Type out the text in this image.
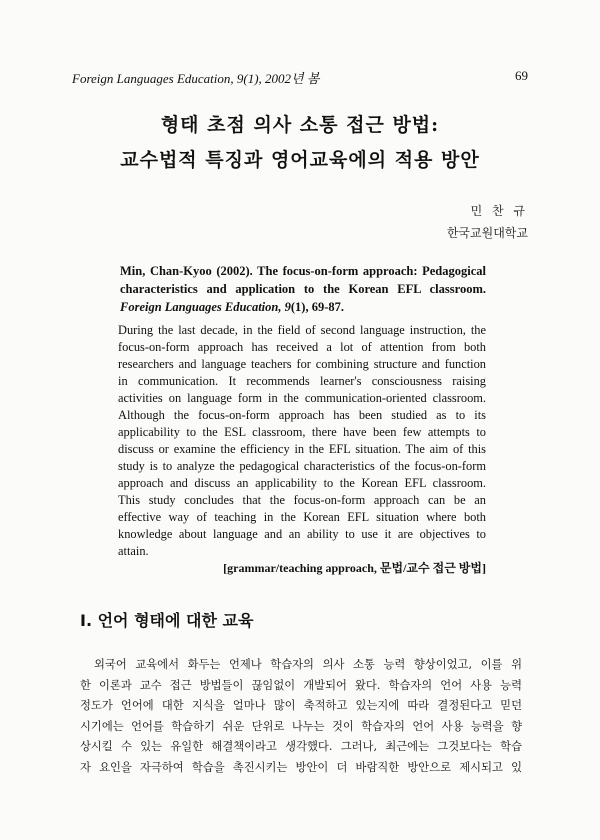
Foreign Languages Education, 9(1), 2002년 봄	69
형태 초점 의사 소통 접근 방법:
교수법적 특징과 영어교육에의 적용 방안
민 찬 규
한국교원대학교
Min, Chan-Kyoo (2002). The focus-on-form approach: Pedagogical characteristics and application to the Korean EFL classroom. Foreign Languages Education, 9(1), 69-87.
During the last decade, in the field of second language instruction, the
focus-on-form approach has received a lot of attention from both
researchers and language teachers for combining structure and function
in communication. It recommends learner's consciousness raising
activities on language form in the communication-oriented classroom.
Although the focus-on-form approach has been studied as to its
applicability to the ESL classroom, there have been few attempts to
discuss or examine the efficiency in the EFL situation. The aim of this
study is to analyze the pedagogical characteristics of the focus-on-form
approach and discuss an applicability to the Korean EFL classroom.
This study concludes that the focus-on-form approach can be an
effective way of teaching in the Korean EFL situation where both
knowledge about language and an ability to use it are objectives to
attain.
[grammar/teaching approach, 문법/교수 접근 방법]
I. 언어 형태에 대한 교육
외국어 교육에서 화두는 언제나 학습자의 의사 소통 능력 향상이었고, 이를 위
한 이론과 교수 접근 방법들이 끊임없이 개발되어 왔다. 학습자의 언어 사용 능력
정도가 언어에 대한 지식을 얼마나 많이 축적하고 있는지에 따라 결정된다고 믿던
시기에는 언어를 학습하기 쉬운 단위로 나누는 것이 학습자의 언어 사용 능력을 향
상시킬 수 있는 유일한 해결책이라고 생각했다. 그러나, 최근에는 그것보다는 학습
자 요인을 자극하여 학습을 촉진시키는 방안이 더 바람직한 방안으로 제시되고 있
